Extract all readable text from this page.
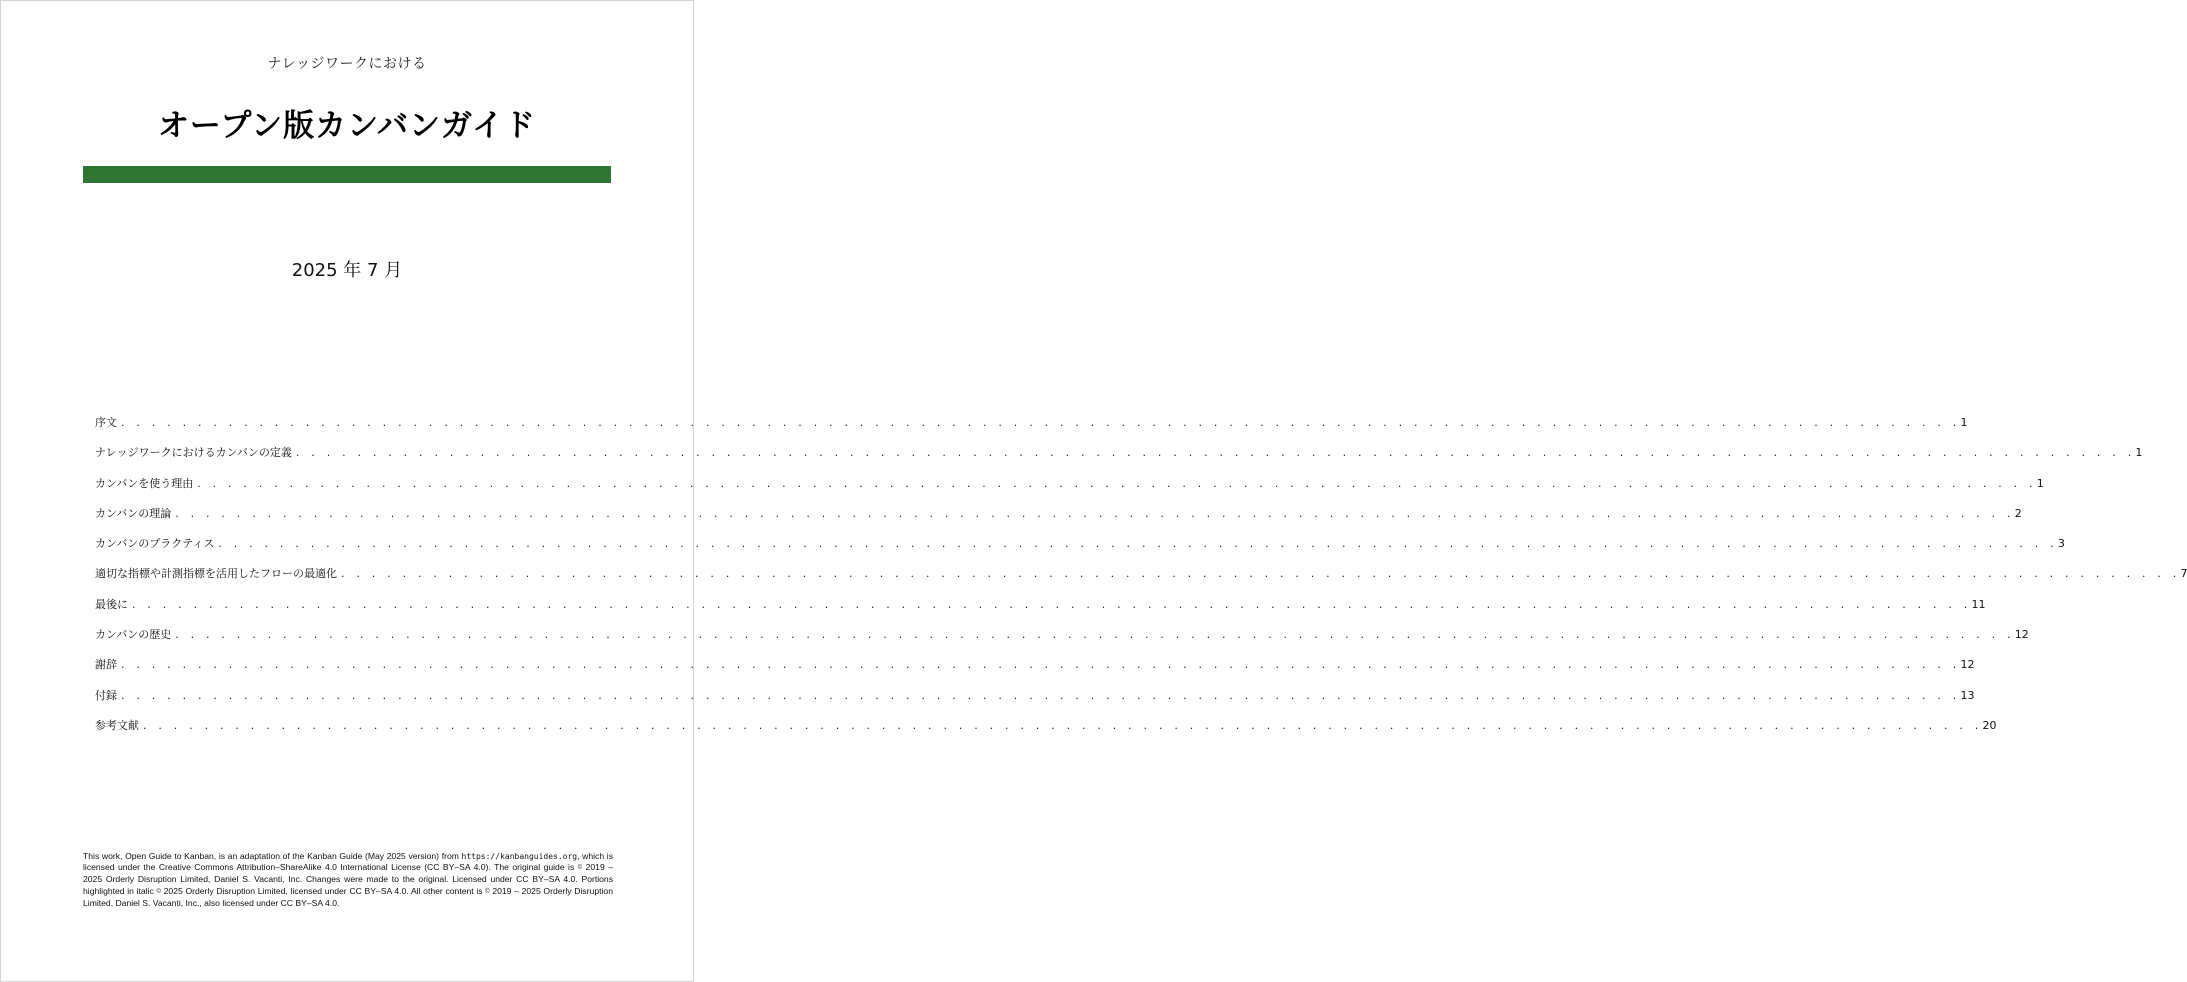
ナレッジワークにおける
オープン版カンバンガイド
2025 年 7 月
序文 . . . . . . . . . . . . . . . . . . . . . . . . . . . . . . . . . . . . . . . . . . . . . . . . . . . . . . . . . . . . . . . . . . . . . . . . . . . . . . . . . . . . . . . . . . . . . . . . . . . . . . . . . . . . . . . . . . . . . . . . 1
ナレッジワークにおけるカンバンの定義 . . . . . . . . . . . . . . . . . . . . . . . . . . . . . . . . . . . . . . . . . . . . . . . . . . . . . . . . . . . . . . . . . . . . . . . . . . . . . . . . . . . . . . . . . . . . . . . . . . . . . . . . . . . . . . . . . . . . . . . . 1
カンバンを使う理由 . . . . . . . . . . . . . . . . . . . . . . . . . . . . . . . . . . . . . . . . . . . . . . . . . . . . . . . . . . . . . . . . . . . . . . . . . . . . . . . . . . . . . . . . . . . . . . . . . . . . . . . . . . . . . . . . . . . . . . . . 1
カンバンの理論 . . . . . . . . . . . . . . . . . . . . . . . . . . . . . . . . . . . . . . . . . . . . . . . . . . . . . . . . . . . . . . . . . . . . . . . . . . . . . . . . . . . . . . . . . . . . . . . . . . . . . . . . . . . . . . . . . . . . . . . . 2
カンバンのプラクティス . . . . . . . . . . . . . . . . . . . . . . . . . . . . . . . . . . . . . . . . . . . . . . . . . . . . . . . . . . . . . . . . . . . . . . . . . . . . . . . . . . . . . . . . . . . . . . . . . . . . . . . . . . . . . . . . . . . . . . . . 3
適切な指標や計測指標を活用したフローの最適化 . . . . . . . . . . . . . . . . . . . . . . . . . . . . . . . . . . . . . . . . . . . . . . . . . . . . . . . . . . . . . . . . . . . . . . . . . . . . . . . . . . . . . . . . . . . . . . . . . . . . . . . . . . . . . . . . . . . . . . . . 7
最後に . . . . . . . . . . . . . . . . . . . . . . . . . . . . . . . . . . . . . . . . . . . . . . . . . . . . . . . . . . . . . . . . . . . . . . . . . . . . . . . . . . . . . . . . . . . . . . . . . . . . . . . . . . . . . . . . . . . . . . . . 11
カンバンの歴史 . . . . . . . . . . . . . . . . . . . . . . . . . . . . . . . . . . . . . . . . . . . . . . . . . . . . . . . . . . . . . . . . . . . . . . . . . . . . . . . . . . . . . . . . . . . . . . . . . . . . . . . . . . . . . . . . . . . . . . . . 12
謝辞 . . . . . . . . . . . . . . . . . . . . . . . . . . . . . . . . . . . . . . . . . . . . . . . . . . . . . . . . . . . . . . . . . . . . . . . . . . . . . . . . . . . . . . . . . . . . . . . . . . . . . . . . . . . . . . . . . . . . . . . . 12
付録 . . . . . . . . . . . . . . . . . . . . . . . . . . . . . . . . . . . . . . . . . . . . . . . . . . . . . . . . . . . . . . . . . . . . . . . . . . . . . . . . . . . . . . . . . . . . . . . . . . . . . . . . . . . . . . . . . . . . . . . . 13
参考文献 . . . . . . . . . . . . . . . . . . . . . . . . . . . . . . . . . . . . . . . . . . . . . . . . . . . . . . . . . . . . . . . . . . . . . . . . . . . . . . . . . . . . . . . . . . . . . . . . . . . . . . . . . . . . . . . . . . . . . . . . 20
This work, Open Guide to Kanban, is an adaptation of the Kanban Guide (May 2025 version) from https://kanbanguides.org, which is licensed under the Creative Commons Attribution–ShareAlike 4.0 International License (CC BY–SA 4.0). The original guide is © 2019 – 2025 Orderly Disruption Limited, Daniel S. Vacanti, Inc. Changes were made to the original. Licensed under CC BY–SA 4.0. Portions highlighted in italic © 2025 Orderly Disruption Limited, licensed under CC BY–SA 4.0. All other content is © 2019 – 2025 Orderly Disruption Limited, Daniel S. Vacanti, Inc., also licensed under CC BY–SA 4.0.
